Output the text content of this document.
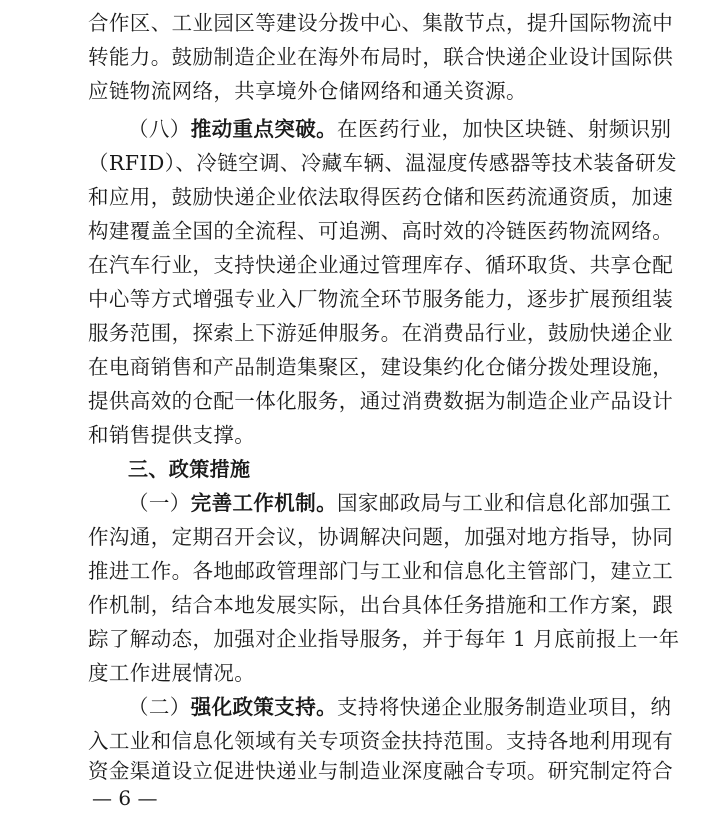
合作区、工业园区等建设分拨中心、集散节点，提升国际物流中
转能力。鼓励制造企业在海外布局时，联合快递企业设计国际供
应链物流网络，共享境外仓储网络和通关资源。
（八）推动重点突破。在医药行业，加快区块链、射频识别
（RFID）、冷链空调、冷藏车辆、温湿度传感器等技术装备研发
和应用，鼓励快递企业依法取得医药仓储和医药流通资质，加速
构建覆盖全国的全流程、可追溯、高时效的冷链医药物流网络。
在汽车行业，支持快递企业通过管理库存、循环取货、共享仓配
中心等方式增强专业入厂物流全环节服务能力，逐步扩展预组装
服务范围，探索上下游延伸服务。在消费品行业，鼓励快递企业
在电商销售和产品制造集聚区，建设集约化仓储分拨处理设施，
提供高效的仓配一体化服务，通过消费数据为制造企业产品设计
和销售提供支撑。
三、政策措施
（一）完善工作机制。国家邮政局与工业和信息化部加强工
作沟通，定期召开会议，协调解决问题，加强对地方指导，协同
推进工作。各地邮政管理部门与工业和信息化主管部门，建立工
作机制，结合本地发展实际，出台具体任务措施和工作方案，跟
踪了解动态，加强对企业指导服务，并于每年 1 月底前报上一年
度工作进展情况。
（二）强化政策支持。支持将快递企业服务制造业项目，纳
入工业和信息化领域有关专项资金扶持范围。支持各地利用现有
资金渠道设立促进快递业与制造业深度融合专项。研究制定符合
— 6 —
